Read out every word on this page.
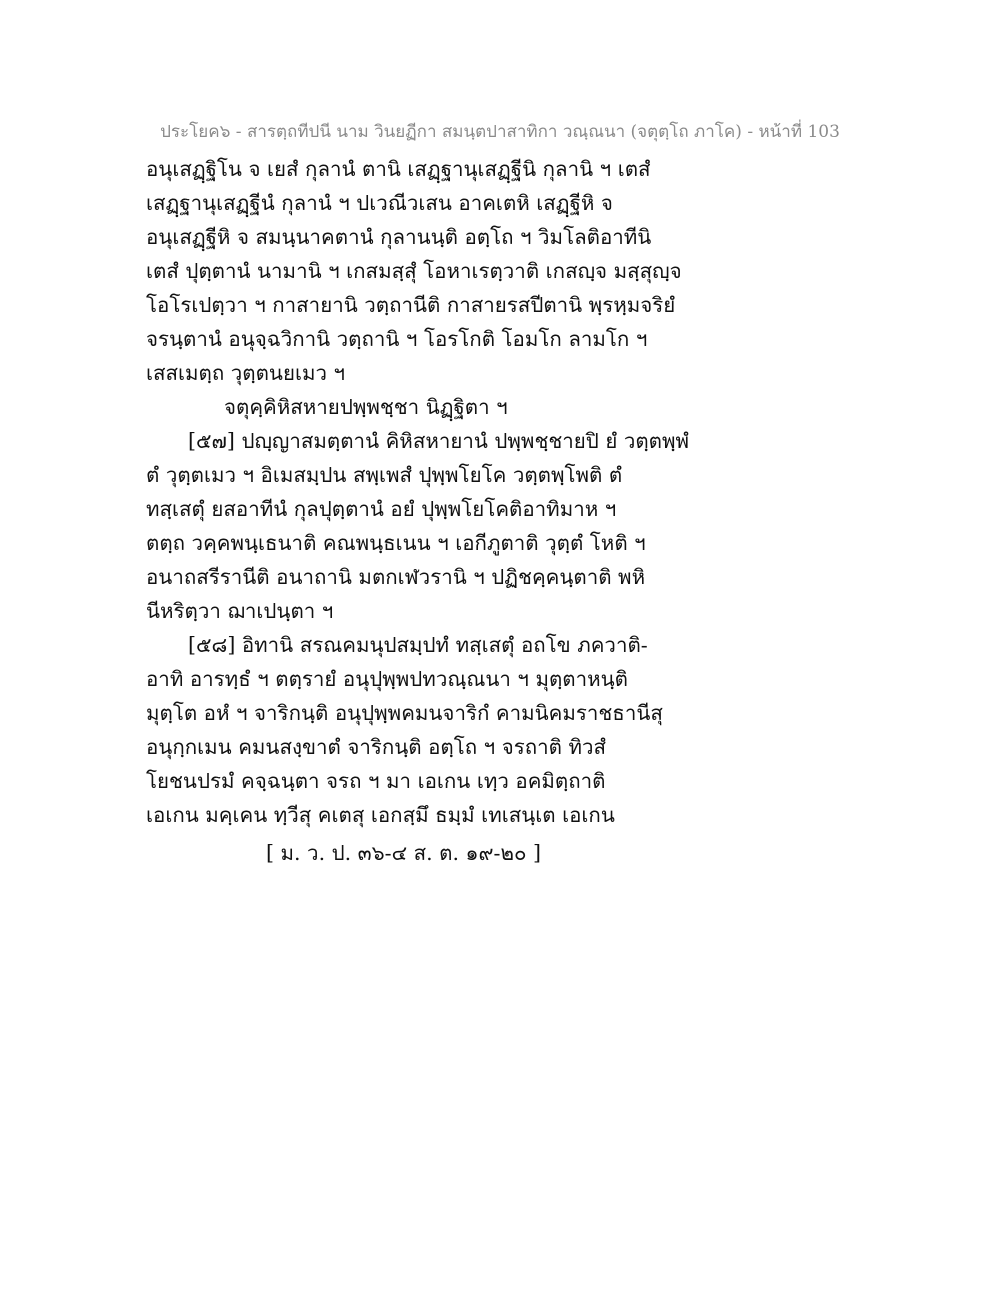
ประโยค๖ - สารตฺถทีปนี นาม วินยฏีกา สมนฺตปาสาทิกา วณฺณนา (จตุตฺโถ ภาโค) - หน้าที่ 103
อนุเสฏฺฐิโน จ เยสํ กุลานํ ตานิ เสฏฺฐานุเสฏฺฐีนิ กุลานิ ฯ เตสํ
เสฏฺฐานุเสฏฺฐีนํ กุลานํ ฯ ปเวณีวเสน อาคเตหิ เสฏฺฐีหิ จ
อนุเสฏฺฐีหิ จ สมนฺนาคตานํ กุลานนฺติ อตฺโถ ฯ วิมโลติอาทีนิ
เตสํ ปุตฺตานํ นามานิ ฯ เกสมสฺสุํ โอหาเรตฺวาติ เกสญฺจ มสฺสุญฺจ
โอโรเปตฺวา ฯ กาสายานิ วตฺถานีติ กาสายรสปีตานิ พฺรหฺมจริยํ
จรนฺตานํ อนุจฺฉวิกานิ วตฺถานิ ฯ โอรโกติ โอมโก ลามโก ฯ
เสสเมตฺถ วุตฺตนยเมว ฯ
จตุคฺคิหิสหายปพฺพชฺชา นิฏฺฐิตา ฯ
[๕๗] ปญฺญาสมตฺตานํ คิหิสหายานํ ปพฺพชฺชายปิ ยํ วตฺตพฺพํ
ตํ วุตฺตเมว ฯ อิเมสมฺปน สพฺเพสํ ปุพฺพโยโค วตฺตพฺโพติ ตํ
ทสฺเสตุํ ยสอาทีนํ กุลปุตฺตานํ อยํ ปุพฺพโยโคติอาทิมาห ฯ
ตตฺถ วคฺคพนฺเธนาติ คณพนฺธเนน ฯ เอกีภูตาติ วุตฺตํ โหติ ฯ
อนาถสรีรานีติ อนาถานิ มตกเฬวรานิ ฯ ปฏิชคฺคนฺตาติ พหิ
นีหริตฺวา ฌาเปนฺตา ฯ
[๕๘] อิทานิ สรณคมนุปสมฺปทํ ทสฺเสตุํ อถโข ภควาติ-
อาทิ อารทฺธํ ฯ ตตฺรายํ อนุปุพฺพปทวณฺณนา ฯ มุตฺตาหนฺติ
มุตฺโต อหํ ฯ จาริกนฺติ อนุปุพฺพคมนจาริกํ คามนิคมราชธานีสุ
อนุกฺกเมน คมนสงฺขาตํ จาริกนฺติ อตฺโถ ฯ จรถาติ ทิวสํ
โยชนปรมํ คจฺฉนฺตา จรถ ฯ มา เอเกน เทฺว อคมิตฺถาติ
เอเกน มคฺเคน ทฺวีสุ คเตสุ เอกสฺมึ ธมฺมํ เทเสนฺเต เอเกน
[ ม. ว. ป. ๓๖-๔ ส. ต. ๑๙-๒๐ ]
